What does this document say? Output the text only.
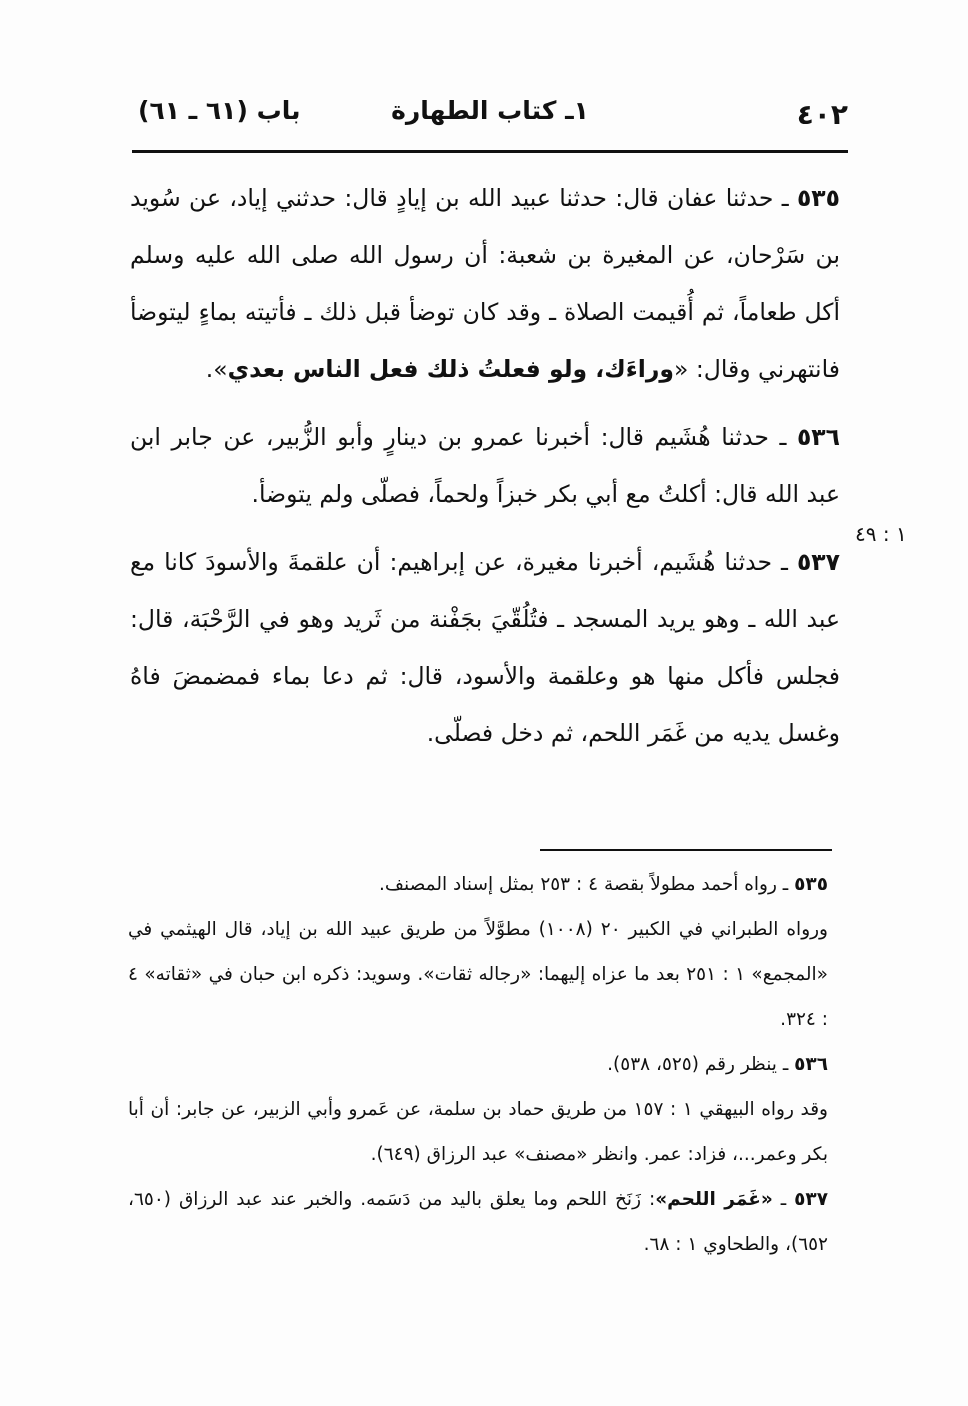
٤٠٢
١ـ كتاب الطهارة
باب (٦١ ـ ٦١)

٥٣٥ ـ حدثنا عفان قال: حدثنا عبيد الله بن إيادٍ قال: حدثني إياد، عن سُويد بن سَرْحان، عن المغيرة بن شعبة: أن رسول الله صلى الله عليه وسلم أكل طعاماً، ثم أُقيمت الصلاة ـ وقد كان توضأ قبل ذلك ـ فأتيته بماءٍ ليتوضأ فانتهرني وقال: «وراءَك، ولو فعلتُ ذلك فعل الناس بعدي».

٥٣٦ ـ حدثنا هُشَيم قال: أخبرنا عمرو بن دينارٍ وأبو الزُّبير، عن جابر ابن عبد الله قال: أكلتُ مع أبي بكر خبزاً ولحماً، فصلّى ولم يتوضأ.

٥٣٧ ـ حدثنا هُشَيم، أخبرنا مغيرة، عن إبراهيم: أن علقمةَ والأسودَ كانا مع عبد الله ـ وهو يريد المسجد ـ فتُلُقّيَ بجَفْنة من ثَريد وهو في الرَّحْبَة، قال: فجلس فأكل منها هو وعلقمة والأسود، قال: ثم دعا بماء فمضمضَ فاهُ وغسل يديه من غَمَر اللحم، ثم دخل فصلّى.

١ : ٤٩

٥٣٥ ـ رواه أحمد مطولاً بقصة ٤ : ٢٥٣ بمثل إسناد المصنف.

ورواه الطبراني في الكبير ٢٠ (١٠٠٨) مطوَّلاً من طريق عبيد الله بن إياد، قال الهيثمي في «المجمع» ١ : ٢٥١ بعد ما عزاه إليهما: «رجاله ثقات». وسويد: ذكره ابن حبان في «ثقاته» ٤ : ٣٢٤.

٥٣٦ ـ ينظر رقم (٥٢٥، ٥٣٨).

وقد رواه البيهقي ١ : ١٥٧ من طريق حماد بن سلمة، عن عَمرو وأبي الزبير، عن جابر: أن أبا بكر وعمر...، فزاد: عمر. وانظر «مصنف» عبد الرزاق (٦٤٩).

٥٣٧ ـ «غَمَر اللحم»: زَنَخ اللحم وما يعلق باليد من دَسَمه. والخبر عند عبد الرزاق (٦٥٠، ٦٥٢)، والطحاوي ١ : ٦٨.
